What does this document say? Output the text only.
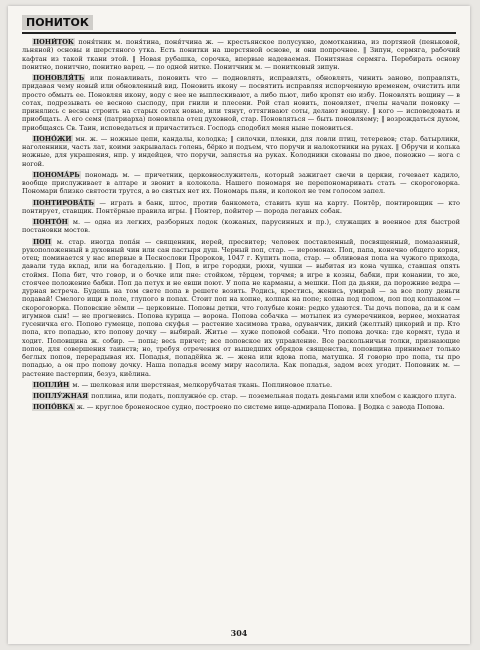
ПОНИТОК

ПОНИ́ТОК поня́тник м. поня́тина, поня́тчина ж. — крестьянское полусукно, домотканина, из портяной (пеньковой, льняной) основы и шерстяного утка. Есть понитки на шерстяной основе, и они попрочнее. ‖ Зипун, сермяга, рабочий кафтан из такой ткани этой. ‖ Новая рубашка, сорочка, впервые надеваемая. Понитяная сермяга. Перебирать основу понитно, понитчно, понитно варец. — по одной нитке. Понитчник м. — понитковый зипун.

ПОНОВЛЯ́ТЬ или понавливать, поновить что — подновлять, исправлять, обновлять, чинить заново, поправлять, придавая чему новый или обновленный вид. Поновить икону — посвятить исправляя испорченную временем, очистить или просто обмыть ее. Поновляя икону, воду с нее не выплескивают, а либо пьют, либо кропят ею избу. Поновлять вощину — в сотах, подрезывать ее весною сысподу, при гнили и плесени. Рой стал новить, поновляет, пчелы начали поновку — принялись с весны строить на старых сотах новые, или тянут, оттягивают соты, делают вощину. ‖ кого — исповедовать и приобщать. А его семя (патриарха) поновляла отец духовной, стар. Поновляться — быть поновляему; ‖ возрождаться духом, приобщаясь Св. Таин, исповедаться и причаститься. Господь сподобил меня ныне поновиться.

ПОНО́ЖИ мн. ж. — ножные цепи, кандалы, колодка; ‖ силочки, пленки, для ловли птиц, тетеревов; стар. батырлики, наголенники, часть лат, коими закрывалась голень, бёрко и подъем, что поручи и налокотники на руках. ‖ Обручи и колька ножные, для украшения, нпр. у индейцев, что поручи, запястья на руках. Колодники скованы по двое, поножно — нога с ногой.

ПОНОМА́РЬ пономадь м. — причетник, церковнослужитель, который зажигает свечи в церкви, гочевает кадило, вообще прислуживает в алтаре и звонит в колокола. Нашего пономаря не перепономаривать стать — скороговорка. Пономари близко святости трутся, а во святых нет их. Пономарь пьян, и колокол не тем голосом запел.

ПОНТИРОВА́ТЬ — играть в банк, штос, против банкомета, ставить куш на карту. Понтёр, понтировщик — кто понтирует, ставщик. Понтёрные правила игры. ‖ Понтер, пойнтер — порода легавых собак.

ПОНТО́Н м. — одна из легких, разборных лодок (кожаных, парусинных и пр.), служащих в военное для быстрой постановки мостов.

ПОП м. стар. иногда попа́н — священник, иерей, пресвитер; человек поставленный, посвященный, помазанный, рукоположенный в духовный чин или сан пастыря душ. Черный поп, стар. — иеромонах. Поп, папа, конечно общего корня, отец; поминается у нас впервые в Пеcнослови Пророков, 1047 г. Купить попа, стар. — обливовая попа на чужого прихода, давали туда вклад, или на богадельню. ‖ Поп, в игре городки, рюхи, чушки — выбитая из кона чушка, ставшая опять стоймя. Попа бит, что говор, и о бочке или пне: стойком, тёрцем, торчмя; в игре в козны, бабки, при конании, то же, стоячее положение бабки. Поп да петух и не евши поют. У попа не карманы, а мешки. Поп да дьяки, да порожние ведра — дурная встреча. Будешь на том свете попа в решете возить. Родись, крестись, женись, умирай — за все попу деньги подавай! Смелого ищи в поле, глупого в попах. Стоит поп на копне, колпак на попе; копна под попом, поп под колпаком — скороговорка. Поповские зёмли — церковные. Поповы детки, что голубые кони: редко удаются. Ты дочь попова, да и к сам игумнов сын! — не прогневись. Поповa курица — ворона. Поповa собачка — мотылек из сумеречников, веpнее, мохнатая гусеничка его. Поповo гуменце, попова скуфья — растение хасимова трава, одуванчик, дикий (желтый) цикорий и пр. Кто попа, кто попадью, кто попову дочку — выбирай. Житье — хуже поповой собаки. Что попова дочка: где кормят, туда и ходит. Поповщина ж. собир. — попы; весь причет; все поповское их управление. Все раскольничьи толки, признающие попов, для совершения таинств; но, требуя отречения от вышедших обрядов священства, поповщина принимает только беглых попов, перерадывая их. Попадья, попадёйка ж. — жена или вдова попа, матушка. Я говорю про попа, ты про попадью, а он про попову дочку. Наша попадья всему миру насолила. Как попадья, задом всех угодит. Поповник м. — растение пастерпин, безуз, киёлина.

ПОПЛИ́Н м. — шелковая или шерстяная, мелкорубчатая ткань. Поплиновое платье.

ПОПЛУ́ЖНАЯ поплина, или подать, поплужнóе ср. стар. — поземельная подать деньгами или хлебом с каждого плуга.

ПОПО́ВКА ж. — круглое броненосное судно, построено по системе вице-адмирала Попова. ‖ Водка с завода Попова.

304
